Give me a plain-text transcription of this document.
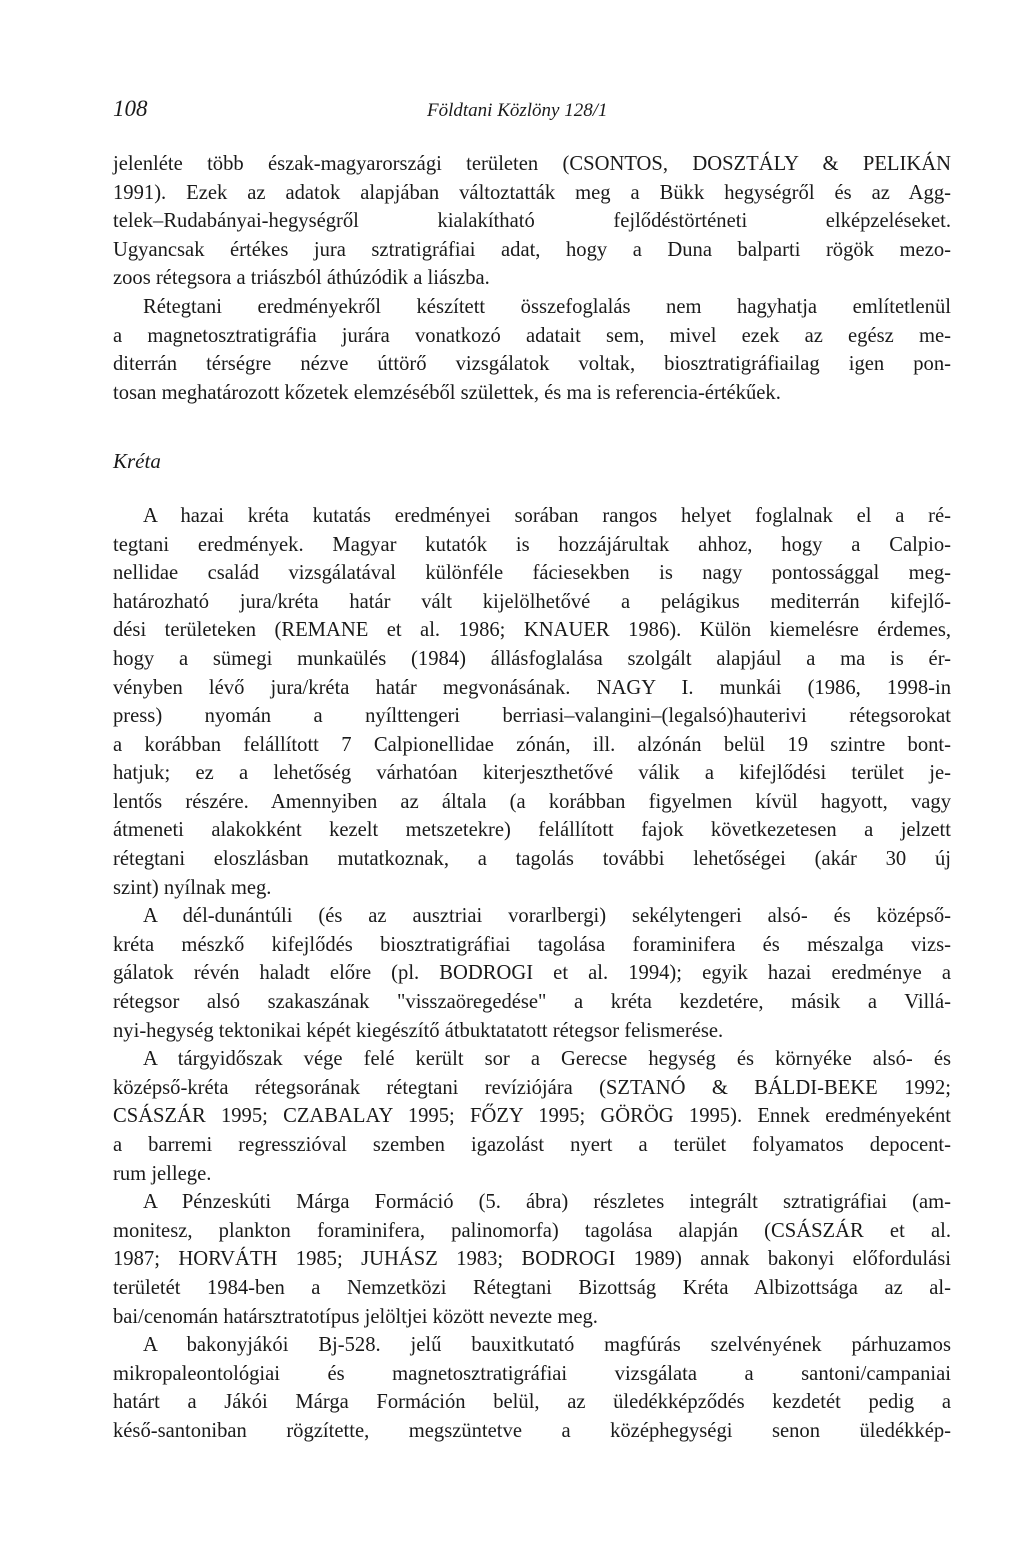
108	Földtani Közlöny 128/1
jelenléte több észak-magyarországi területen (CSONTOS, DOSZTÁLY & PELIKÁN
1991). Ezek az adatok alapjában változtatták meg a Bükk hegységről és az Agg-
telek–Rudabányai-hegységről kialakítható fejlődéstörténeti elképzeléseket.
Ugyancsak értékes jura sztratigráfiai adat, hogy a Duna balparti rögök mezo-
zoos rétegsora a triászból áthúzódik a liászba.
Rétegtani eredményekről készített összefoglalás nem hagyhatja említetlenül
a magnetosztratigráfia jurára vonatkozó adatait sem, mivel ezek az egész me-
diterrán térségre nézve úttörő vizsgálatok voltak, biosztratigráfiailag igen pon-
tosan meghatározott kőzetek elemzéséből születtek, és ma is referencia-értékűek.
Kréta
A hazai kréta kutatás eredményei sorában rangos helyet foglalnak el a ré-
tegtani eredmények. Magyar kutatók is hozzájárultak ahhoz, hogy a Calpio-
nellidae család vizsgálatával különféle fáciesekben is nagy pontossággal meg-
határozható jura/kréta határ vált kijelölhetővé a pelágikus mediterrán kifejlő-
dési területeken (REMANE et al. 1986; KNAUER 1986). Külön kiemelésre érdemes,
hogy a sümegi munkaülés (1984) állásfoglalása szolgált alapjául a ma is ér-
vényben lévő jura/kréta határ megvonásának. NAGY I. munkái (1986, 1998-in
press) nyomán a nyílttengeri berriasi–valangini–(legalsó)hauterivi rétegsorokat
a korábban felállított 7 Calpionellidae zónán, ill. alzónán belül 19 szintre bont-
hatjuk; ez a lehetőség várhatóan kiterjeszthetővé válik a kifejlődési terület je-
lentős részére. Amennyiben az általa (a korábban figyelmen kívül hagyott, vagy
átmeneti alakokként kezelt metszetekre) felállított fajok következetesen a jelzett
rétegtani eloszlásban mutatkoznak, a tagolás további lehetőségei (akár 30 új
szint) nyílnak meg.
A dél-dunántúli (és az ausztriai vorarlbergi) sekélytengeri alsó- és középső-
kréta mészkő kifejlődés biosztratigráfiai tagolása foraminifera és mészalga vizs-
gálatok révén haladt előre (pl. BODROGI et al. 1994); egyik hazai eredménye a
rétegsor alsó szakaszának "visszaöregedése" a kréta kezdetére, másik a Villá-
nyi-hegység tektonikai képét kiegészítő átbuktatatott rétegsor felismerése.
A tárgyidőszak vége felé került sor a Gerecse hegység és környéke alsó- és
középső-kréta rétegsorának rétegtani revíziójára (SZTANÓ & BÁLDI-BEKE 1992;
CSÁSZÁR 1995; CZABALAY 1995; FŐZY 1995; GÖRÖG 1995). Ennek eredményeként
a barremi regresszióval szemben igazolást nyert a terület folyamatos depocent-
rum jellege.
A Pénzeskúti Márga Formáció (5. ábra) részletes integrált sztratigráfiai (am-
monitesz, plankton foraminifera, palinomorfa) tagolása alapján (CSÁSZÁR et al.
1987; HORVÁTH 1985; JUHÁSZ 1983; BODROGI 1989) annak bakonyi előfordulási
területét 1984-ben a Nemzetközi Rétegtani Bizottság Kréta Albizottsága az al-
bai/cenomán határsztratotípus jelöltjei között nevezte meg.
A bakonyjákói Bj-528. jelű bauxitkutató magfúrás szelvényének párhuzamos
mikropaleontológiai és magnetosztratigráfiai vizsgálata a santoni/campaniai
határt a Jákói Márga Formáción belül, az üledékképződés kezdetét pedig a
késő-santoniban rögzítette, megszüntetve a középhegységi senon üledékkép-
